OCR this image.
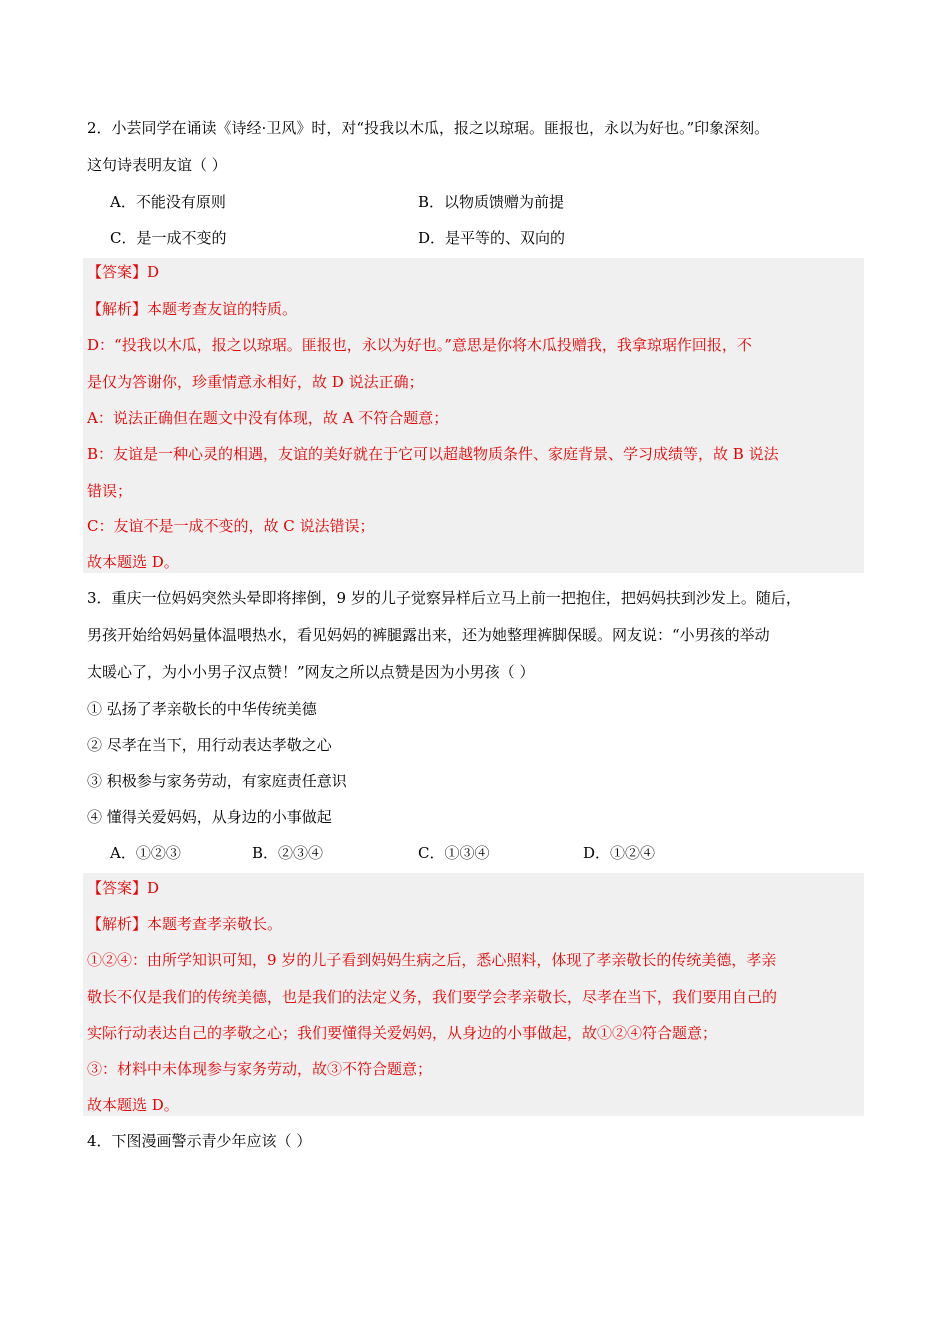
2．小芸同学在诵读《诗经·卫风》时，对“投我以木瓜，报之以琼琚。匪报也，永以为好也。”印象深刻。
这句诗表明友谊（ ）
A．不能没有原则	B．以物质馈赠为前提
C．是一成不变的	D．是平等的、双向的
【答案】D
【解析】本题考查友谊的特质。
D：“投我以木瓜，报之以琼琚。匪报也，永以为好也。”意思是你将木瓜投赠我，我拿琼琚作回报，不
是仅为答谢你，珍重情意永相好，故 D 说法正确；
A：说法正确但在题文中没有体现，故 A 不符合题意；
B：友谊是一种心灵的相遇，友谊的美好就在于它可以超越物质条件、家庭背景、学习成绩等，故 B 说法
错误；
C：友谊不是一成不变的，故 C 说法错误；
故本题选 D。
3．重庆一位妈妈突然头晕即将摔倒，9 岁的儿子觉察异样后立马上前一把抱住，把妈妈扶到沙发上。随后，
男孩开始给妈妈量体温喂热水，看见妈妈的裤腿露出来，还为她整理裤脚保暖。网友说：“小男孩的举动
太暖心了，为小小男子汉点赞！”网友之所以点赞是因为小男孩（ ）
① 弘扬了孝亲敬长的中华传统美德
② 尽孝在当下，用行动表达孝敬之心
③ 积极参与家务劳动，有家庭责任意识
④ 懂得关爱妈妈，从身边的小事做起
A．①②③	B．②③④	C．①③④	D．①②④
【答案】D
【解析】本题考查孝亲敬长。
①②④：由所学知识可知，9 岁的儿子看到妈妈生病之后，悉心照料，体现了孝亲敬长的传统美德，孝亲
敬长不仅是我们的传统美德，也是我们的法定义务，我们要学会孝亲敬长，尽孝在当下，我们要用自己的
实际行动表达自己的孝敬之心；我们要懂得关爱妈妈，从身边的小事做起，故①②④符合题意；
③：材料中未体现参与家务劳动，故③不符合题意；
故本题选 D。
4．下图漫画警示青少年应该（ ）
